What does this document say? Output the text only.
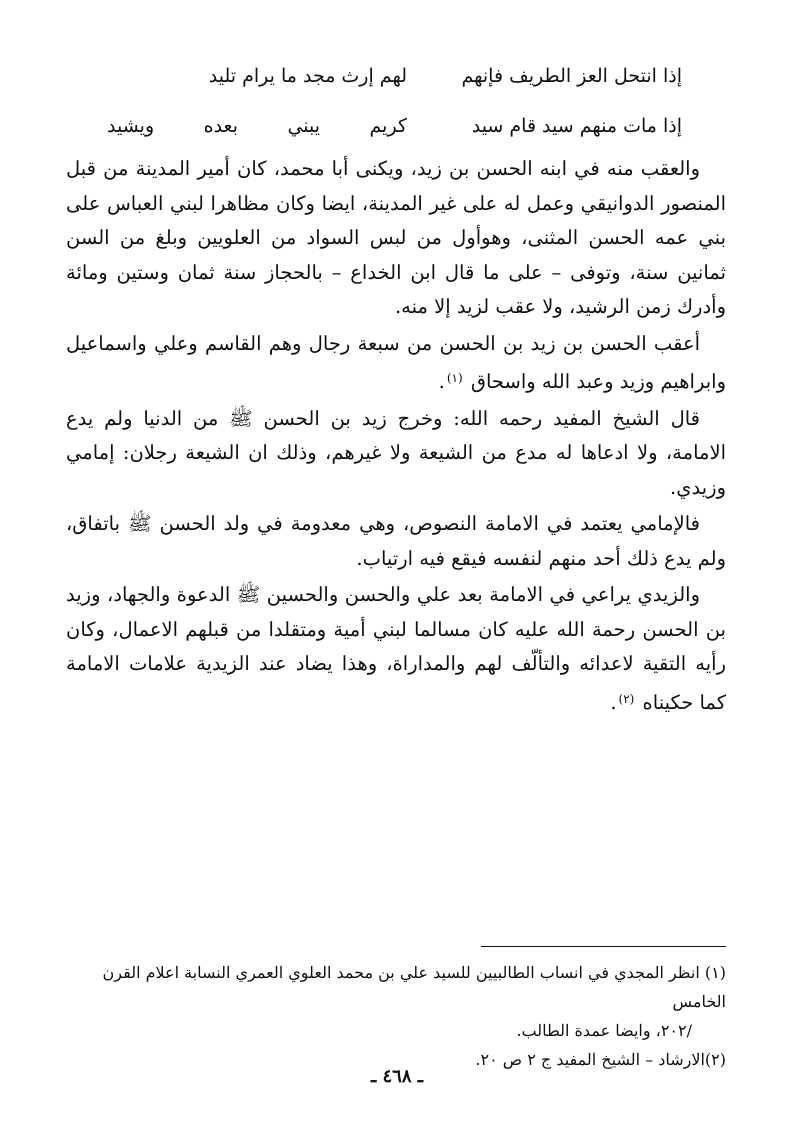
إذا انتحل العز الطريف فإنهم
لهم إرث مجد ما يرام تليد
إذا مات منهم سيد قام سيد
كريم
يبني
بعده
ويشيد

والعقب منه في ابنه الحسن بن زيد، ويكنى أبا محمد، كان أمير المدينة من قبل المنصور الدوانيقي وعمل له على غير المدينة، ايضا وكان مظاهرا لبني العباس على بني عمه الحسن المثنى، وهوأول من لبس السواد من العلويين وبلغ من السن ثمانين سنة، وتوفى – على ما قال ابن الخداع – بالحجاز سنة ثمان وستين ومائة وأدرك زمن الرشيد، ولا عقب لزيد إلا منه.

أعقب الحسن بن زيد بن الحسن من سبعة رجال وهم القاسم وعلي واسماعيل وابراهيم وزيد وعبد الله واسحاق $^{(١)}$.

قال الشيخ المفيد رحمه الله: وخرج زيد بن الحسن ﷺ من الدنيا ولم يدع الامامة، ولا ادعاها له مدع من الشيعة ولا غيرهم، وذلك ان الشيعة رجلان: إمامي وزيدي.

فالإمامي يعتمد في الامامة النصوص، وهي معدومة في ولد الحسن ﷺ باتفاق، ولم يدع ذلك أحد منهم لنفسه فيقع فيه ارتياب.

والزيدي يراعي في الامامة بعد علي والحسن والحسين ﷺ الدعوة والجهاد، وزيد بن الحسن رحمة الله عليه كان مسالما لبني أمية ومتقلدا من قبلهم الاعمال، وكان رأيه التقية لاعدائه والتألّف لهم والمداراة، وهذا يضاد عند الزيدية علامات الامامة كما حكيناه $^{(٢)}$.

(١) انظر المجدي في انساب الطالبيين للسيد علي بن محمد العلوي العمري النسابة اعلام القرن الخامس

/٢٠٢، وايضا عمدة الطالب.

(٢)الارشاد – الشيخ المفيد ج ٢ ص ٢٠.

ـ ٤٦٨ ـ
